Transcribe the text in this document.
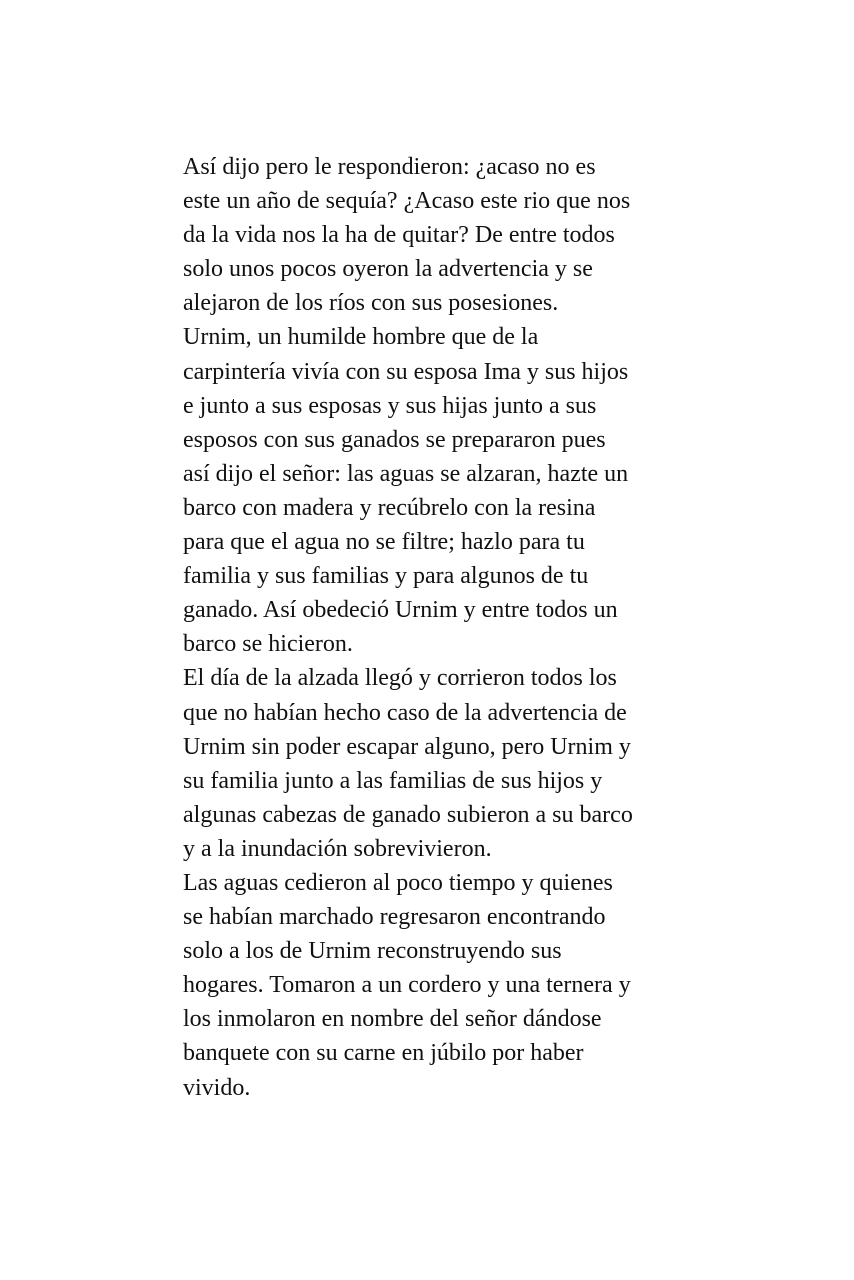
Así dijo pero le respondieron: ¿acaso no es
este un año de sequía? ¿Acaso este rio que nos
da la vida nos la ha de quitar? De entre todos
solo unos pocos oyeron la advertencia y se
alejaron de los ríos con sus posesiones.
Urnim, un humilde hombre que de la
carpintería vivía con su esposa Ima y sus hijos
e junto a sus esposas y sus hijas junto a sus
esposos con sus ganados se prepararon pues
así dijo el señor: las aguas se alzaran, hazte un
barco con madera y recúbrelo con la resina
para que el agua no se filtre; hazlo para tu
familia y sus familias y para algunos de tu
ganado. Así obedeció Urnim y entre todos un
barco se hicieron.
El día de la alzada llegó y corrieron todos los
que no habían hecho caso de la advertencia de
Urnim sin poder escapar alguno, pero Urnim y
su familia junto a las familias de sus hijos y
algunas cabezas de ganado subieron a su barco
y a la inundación sobrevivieron.
Las aguas cedieron al poco tiempo y quienes
se habían marchado regresaron encontrando
solo a los de Urnim reconstruyendo sus
hogares. Tomaron a un cordero y una ternera y
los inmolaron en nombre del señor dándose
banquete con su carne en júbilo por haber
vivido.
